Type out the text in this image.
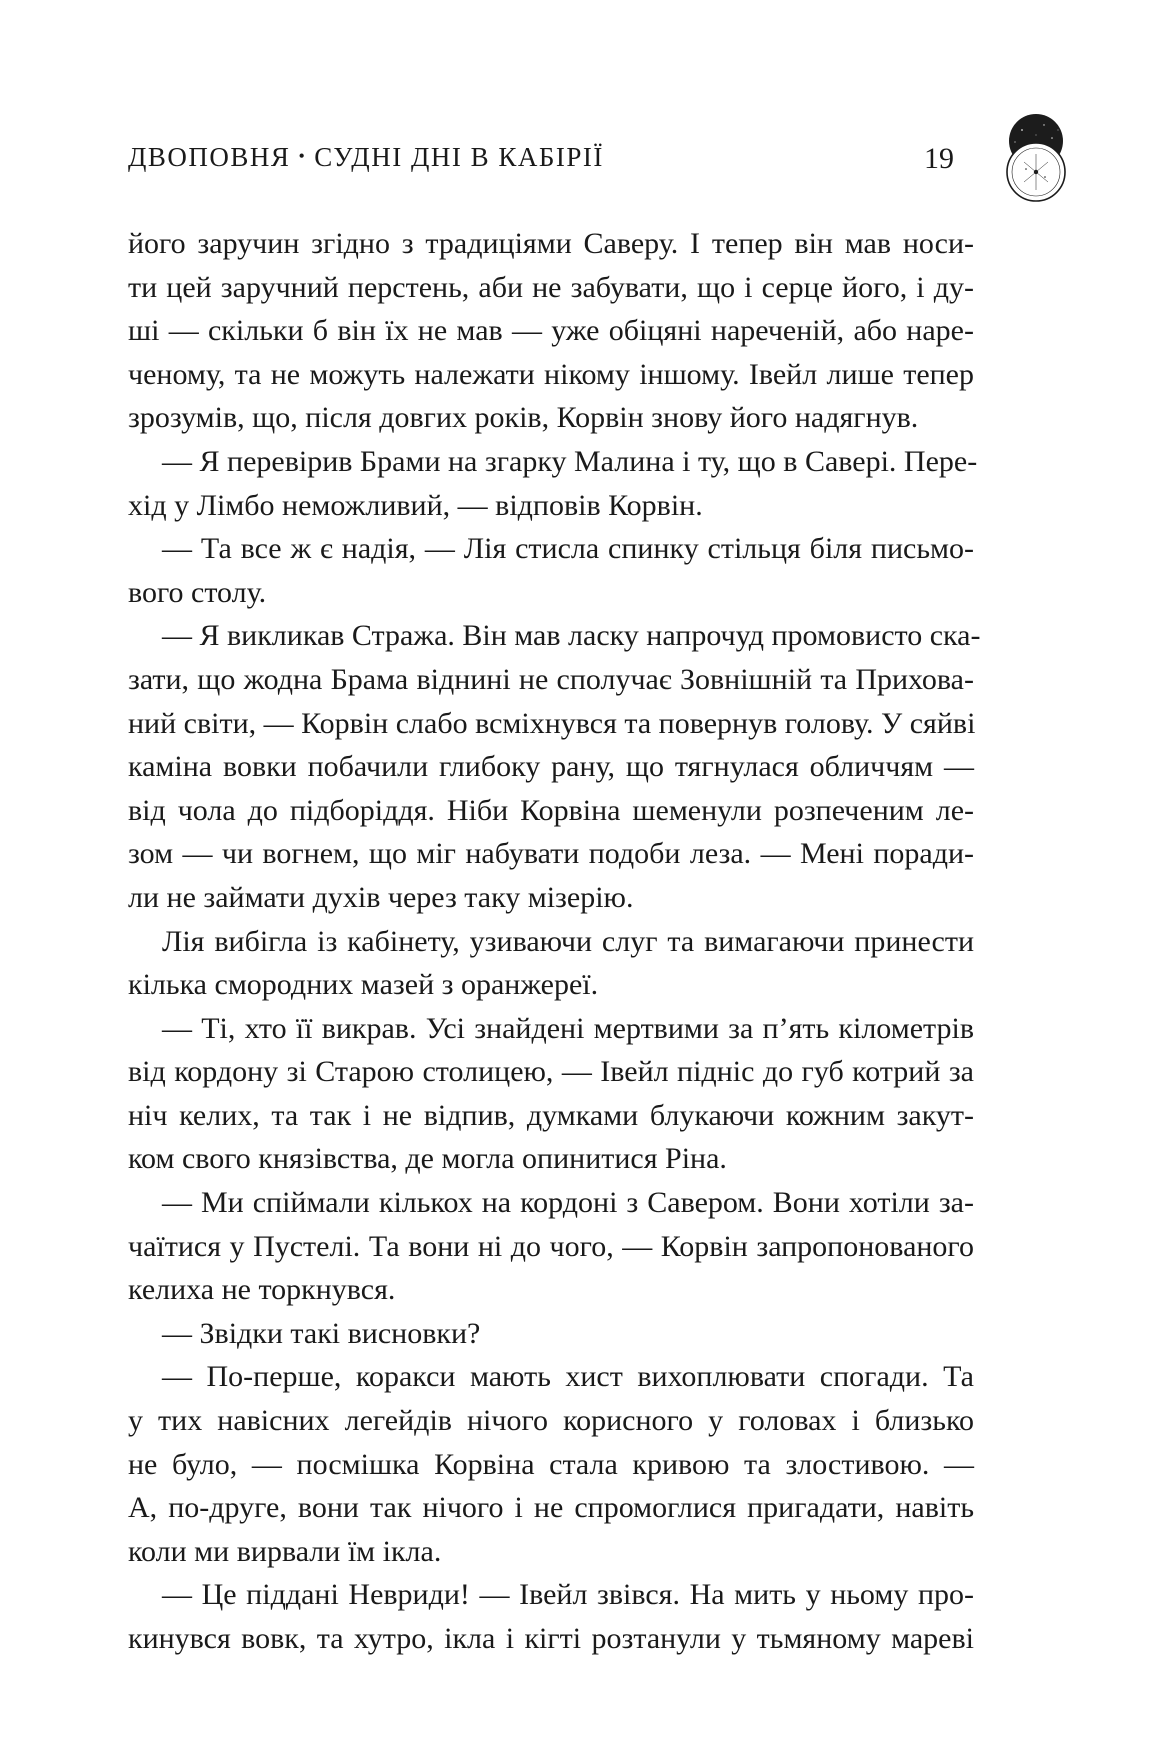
ДВОПОВНЯ • СУДНІ ДНІ В КАБІРІЇ	19
його заручин згідно з традиціями Саверу. І тепер він мав носи-
ти цей заручний перстень, аби не забувати, що і серце його, і ду-
ші — скільки б він їх не мав — уже обіцяні нареченій, або наре-
ченому, та не можуть належати нікому іншому. Івейл лише тепер
зрозумів, що, після довгих років, Корвін знову його надягнув.
— Я перевірив Брами на згарку Малина і ту, що в Савері. Пере-
хід у Лімбо неможливий, — відповів Корвін.
— Та все ж є надія, — Лія стисла спинку стільця біля письмо-
вого столу.
— Я викликав Стража. Він мав ласку напрочуд промовисто ска-
зати, що жодна Брама віднині не сполучає Зовнішній та Прихова-
ний світи, — Корвін слабо всміхнувся та повернув голову. У сяйві
каміна вовки побачили глибоку рану, що тягнулася обличчям —
від чола до підборіддя. Ніби Корвіна шеменули розпеченим ле-
зом — чи вогнем, що міг набувати подоби леза. — Мені поради-
ли не займати духів через таку мізерію.
Лія вибігла із кабінету, узиваючи слуг та вимагаючи принести
кілька смородних мазей з оранжереї.
— Ті, хто її викрав. Усі знайдені мертвими за п’ять кілометрів
від кордону зі Старою столицею, — Івейл підніс до губ котрий за
ніч келих, та так і не відпив, думками блукаючи кожним закут-
ком свого князівства, де могла опинитися Ріна.
— Ми спіймали кількох на кордоні з Савером. Вони хотіли за-
чаїтися у Пустелі. Та вони ні до чого, — Корвін запропонованого
келиха не торкнувся.
— Звідки такі висновки?
— По-перше, коракси мають хист вихоплювати спогади. Та
у тих навісних легейдів нічого корисного у головах і близько
не було, — посмішка Корвіна стала кривою та злостивою. —
А, по-друге, вони так нічого і не спромоглися пригадати, навіть
коли ми вирвали їм ікла.
— Це піддані Невриди! — Івейл звівся. На мить у ньому про-
кинувся вовк, та хутро, ікла і кігті розтанули у тьмяному мареві
